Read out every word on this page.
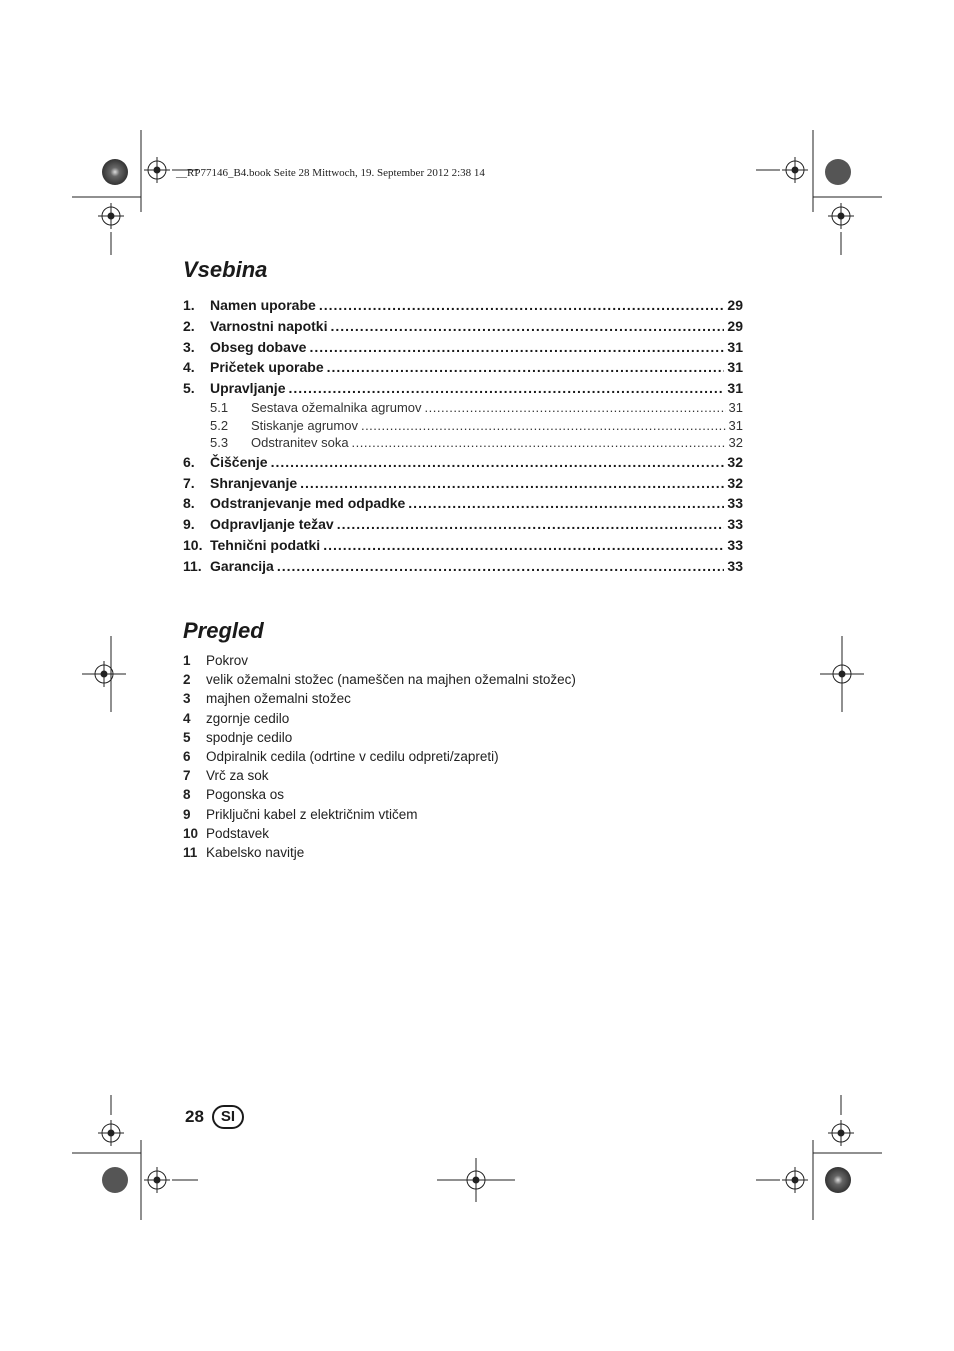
__RP77146_B4.book Seite 28 Mittwoch, 19. September 2012 2:38 14
Vsebina
1.	Namen uporabe .....	29
2.	Varnostni napotki .....	29
3.	Obseg dobave .....	31
4.	Pričetek uporabe .....	31
5.	Upravljanje .....	31
5.1	Sestava ožemalnika agrumov .....	31
5.2	Stiskanje agrumov .....	31
5.3	Odstranitev soka .....	32
6.	Čiščenje .....	32
7.	Shranjevanje .....	32
8.	Odstranjevanje med odpadke .....	33
9.	Odpravljanje težav .....	33
10. Tehnični podatki .....	33
11. Garancija .....	33
Pregled
1 Pokrov
2 velik ožemalni stožec (nameščen na majhen ožemalni stožec)
3 majhen ožemalni stožec
4 zgornje cedilo
5 spodnje cedilo
6 Odpiralnik cedila (odrtine v cedilu odpreti/zapreti)
7 Vrč za sok
8 Pogonska os
9 Priključni kabel z električnim vtičem
10 Podstavek
11 Kabelsko navitje
28	SI
